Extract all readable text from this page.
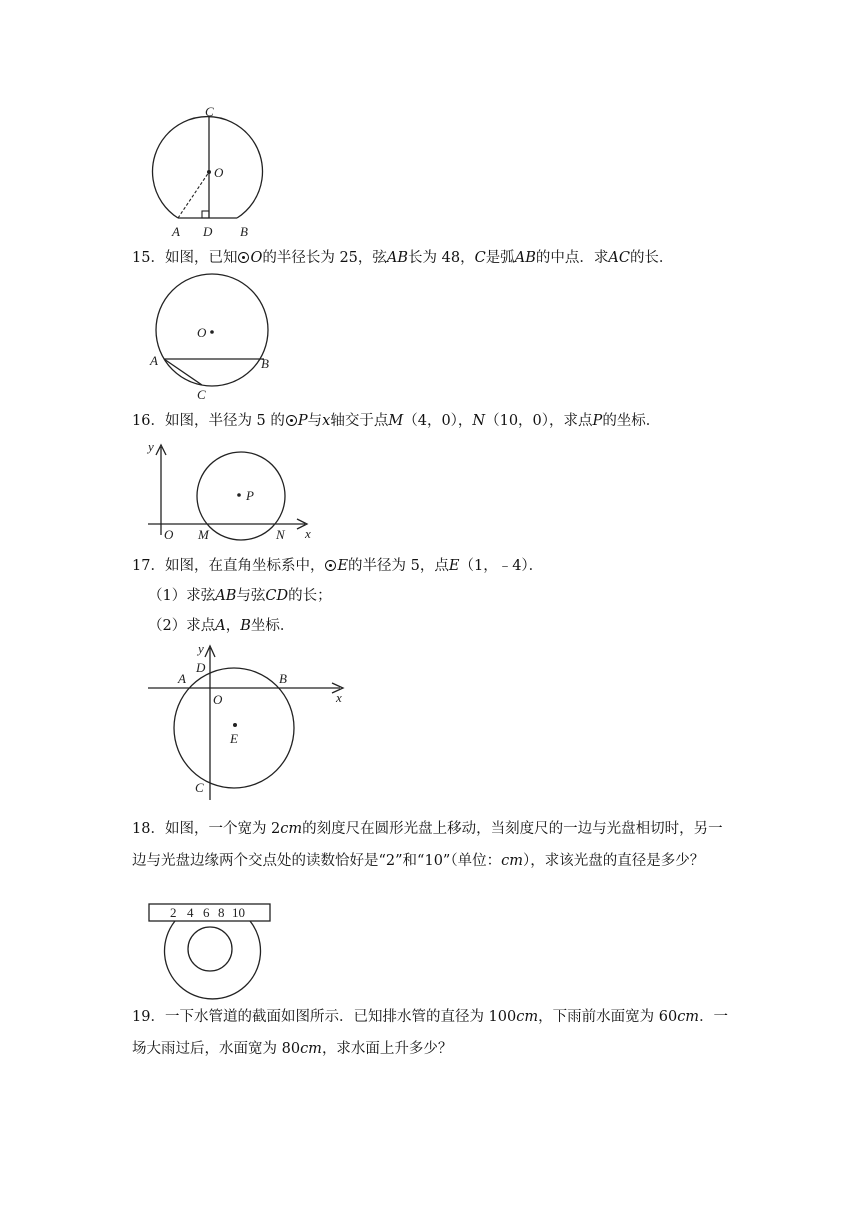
C
O
A D B
15．如图，已知 O的半径长为 25，弦AB长为 48，C是弧AB的中点．求AC的长．
O
A	B
C
16．如图，半径为 5 的 P与x轴交于点M（4，0），N（10，0），求点P的坐标．
y
P
O M	N x
17．如图，在直角坐标系中， E的半径为 5，点E（1，﹣4）．
（1）求弦AB与弦CD的长；
（2）求点A，B坐标．
y
D
A	B
O	x
E
C
18．如图，一个宽为 2cm的刻度尺在圆形光盘上移动，当刻度尺的一边与光盘相切时，另一边与光盘边缘两个交点处的读数恰好是“2”和“10”（单位：cm），求该光盘的直径是多少？
2 4 6 8 10
19．一下水管道的截面如图所示．已知排水管的直径为 100cm，下雨前水面宽为 60cm．一场大雨过后，水面宽为 80cm，求水面上升多少？
